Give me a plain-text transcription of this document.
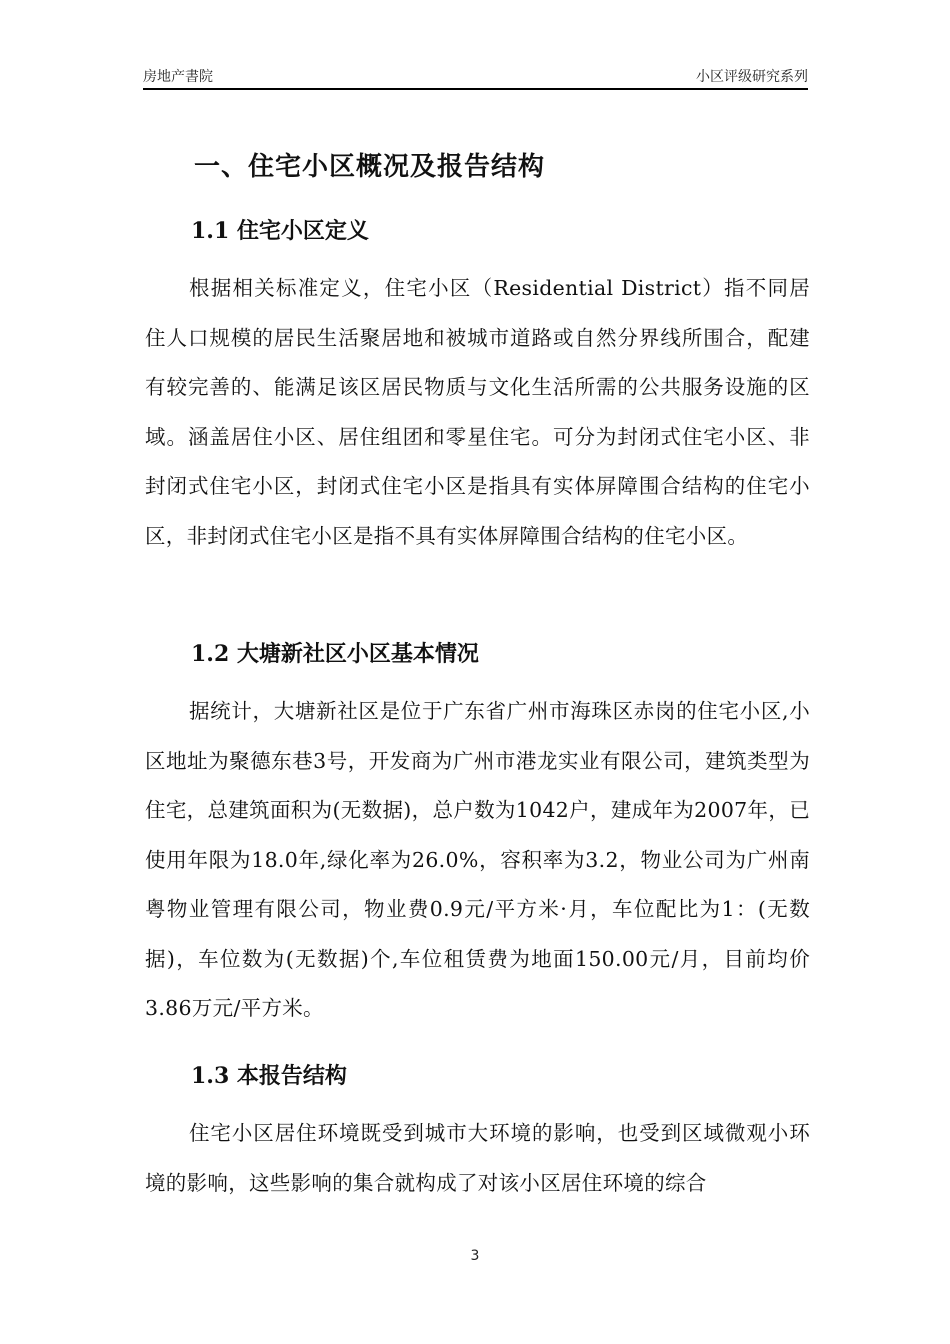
房地产書院	小区评级研究系列
一、住宅小区概况及报告结构
1.1 住宅小区定义

根据相关标准定义，住宅小区（Residential District）指不同居住人口规模的居民生活聚居地和被城市道路或自然分界线所围合，配建有较完善的、能满足该区居民物质与文化生活所需的公共服务设施的区域。涵盖居住小区、居住组团和零星住宅。可分为封闭式住宅小区、非封闭式住宅小区，封闭式住宅小区是指具有实体屏障围合结构的住宅小区，非封闭式住宅小区是指不具有实体屏障围合结构的住宅小区。

1.2 大塘新社区小区基本情况

据统计，大塘新社区是位于广东省广州市海珠区赤岗的住宅小区,小区地址为聚德东巷3号，开发商为广州市港龙实业有限公司，建筑类型为住宅，总建筑面积为(无数据)，总户数为1042户，建成年为2007年，已使用年限为18.0年,绿化率为26.0%，容积率为3.2，物业公司为广州南粤物业管理有限公司，物业费0.9元/平方米·月，车位配比为1：(无数据)，车位数为(无数据)个,车位租赁费为地面150.00元/月，目前均价3.86万元/平方米。

1.3 本报告结构

住宅小区居住环境既受到城市大环境的影响，也受到区域微观小环境的影响，这些影响的集合就构成了对该小区居住环境的综合

3
